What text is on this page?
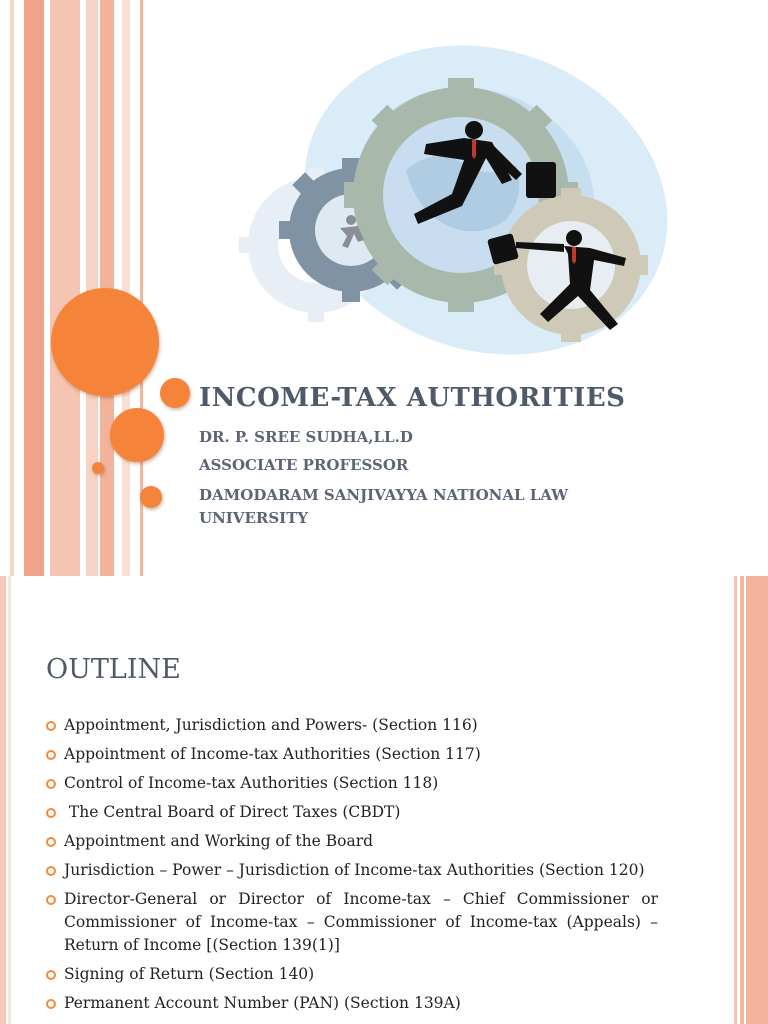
INCOME-TAX AUTHORITIES

DR. P. SREE SUDHA,LL.D

ASSOCIATE PROFESSOR

DAMODARAM SANJIVAYYA NATIONAL LAW

UNIVERSITY

OUTLINE
Appointment, Jurisdiction and Powers- (Section 116)
Appointment of Income-tax Authorities (Section 117)
Control of Income-tax Authorities (Section 118)
The Central Board of Direct Taxes (CBDT)
Appointment and Working of the Board
Jurisdiction – Power – Jurisdiction of Income-tax Authorities (Section 120)
Director-General or Director of Income-tax – Chief Commissioner or Commissioner of Income-tax – Commissioner of Income-tax (Appeals) – Return of Income [(Section 139(1)]
Signing of Return (Section 140)
Permanent Account Number (PAN) (Section 139A)
